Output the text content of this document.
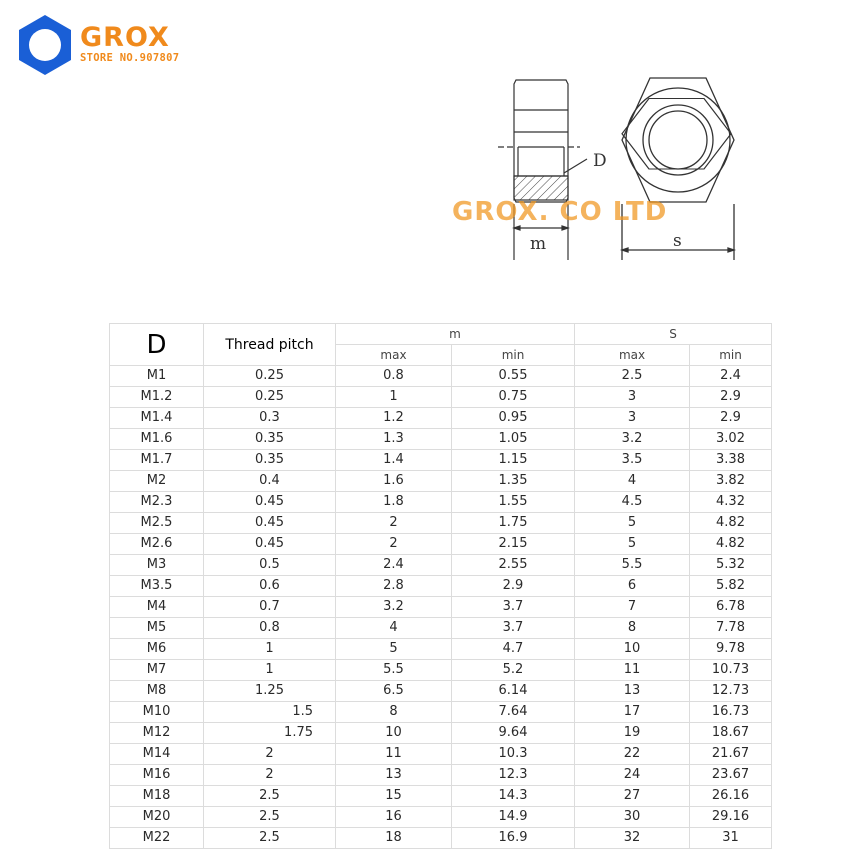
GROX
STORE NO.907807
D
m	s
GROX. CO LTD
D	Thread pitch	m		S	
		max	min	max	min
M1	0.25	0.8	0.55	2.5	2.4
M1.2	0.25	1	0.75	3	2.9
M1.4	0.3	1.2	0.95	3	2.9
M1.6	0.35	1.3	1.05	3.2	3.02
M1.7	0.35	1.4	1.15	3.5	3.38
M2	0.4	1.6	1.35	4	3.82
M2.3	0.45	1.8	1.55	4.5	4.32
M2.5	0.45	2	1.75	5	4.82
M2.6	0.45	2	2.15	5	4.82
M3	0.5	2.4	2.55	5.5	5.32
M3.5	0.6	2.8	2.9	6	5.82
M4	0.7	3.2	3.7	7	6.78
M5	0.8	4	3.7	8	7.78
M6	1	5	4.7	10	9.78
M7	1	5.5	5.2	11	10.73
M8	1.25	6.5	6.14	13	12.73
M10	1.5	8	7.64	17	16.73
M12	1.75	10	9.64	19	18.67
M14	2	11	10.3	22	21.67
M16	2	13	12.3	24	23.67
M18	2.5	15	14.3	27	26.16
M20	2.5	16	14.9	30	29.16
M22	2.5	18	16.9	32	31
